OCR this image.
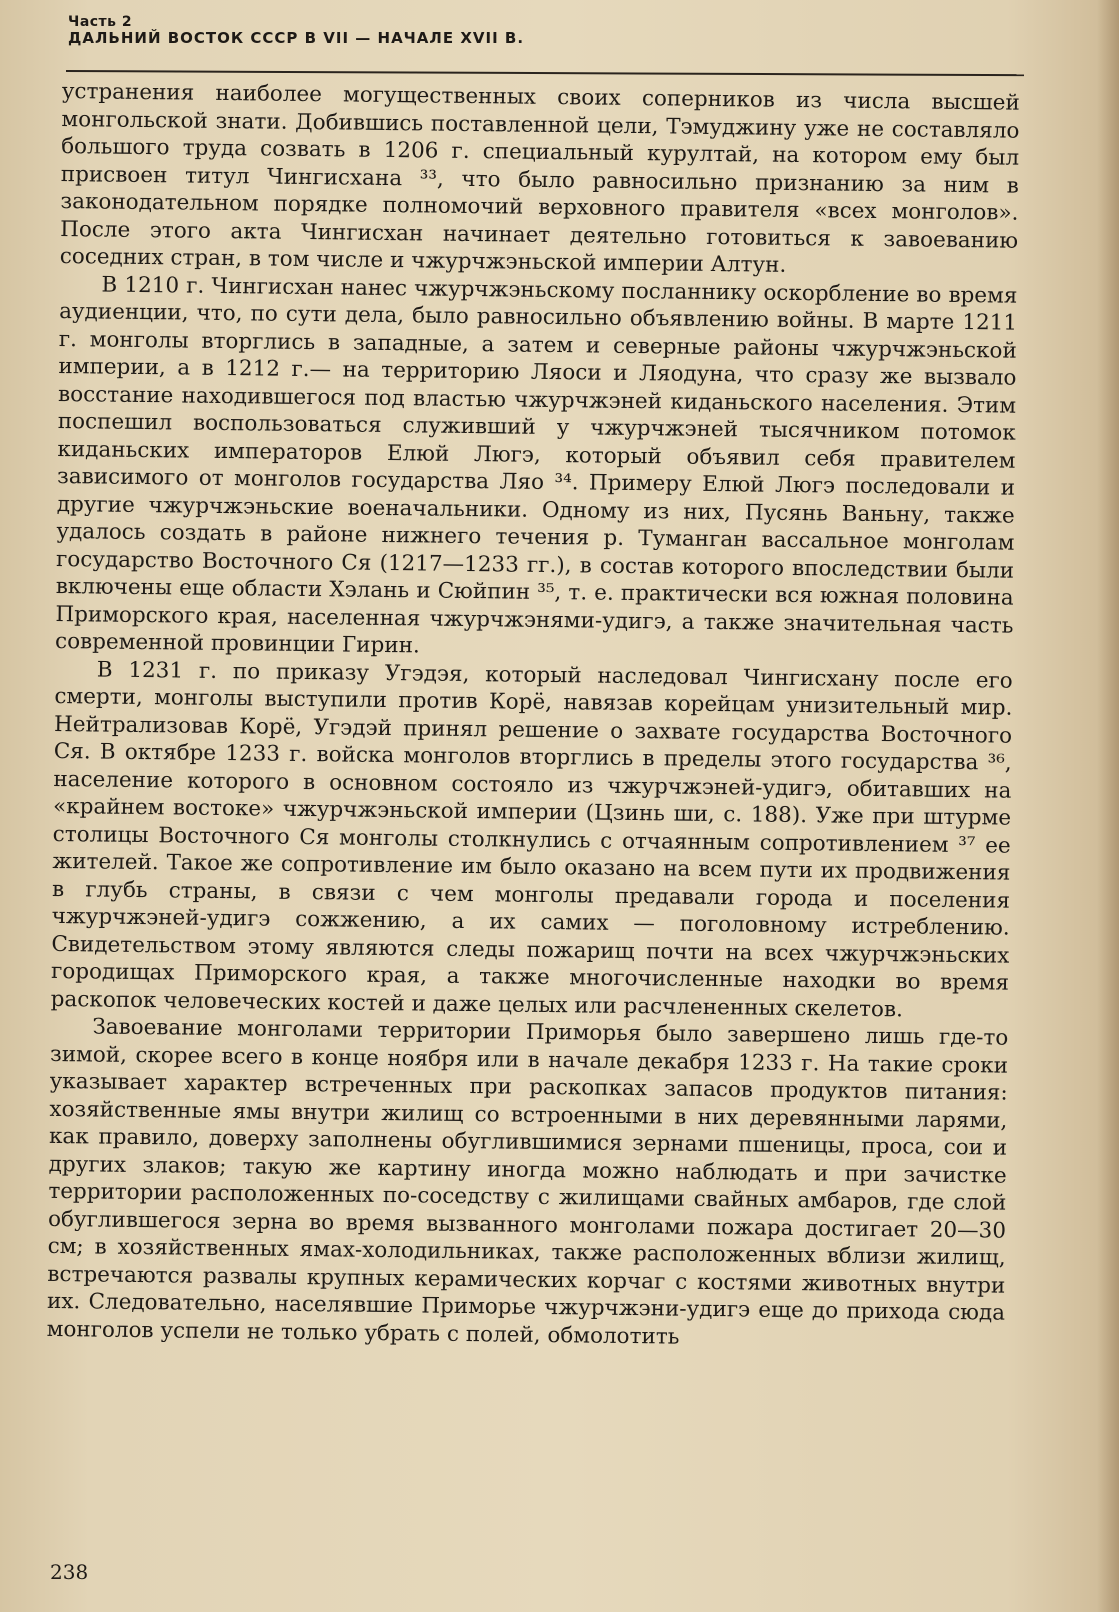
Часть 2
ДАЛЬНИЙ ВОСТОК СССР В VII — НАЧАЛЕ XVII В.

устранения наиболее могущественных своих соперников из числа высшей монгольской знати. Добившись поставленной цели, Тэмуджину уже не составляло большого труда созвать в 1206 г. специальный курултай, на котором ему был присвоен титул Чингисхана ³³, что было равносильно признанию за ним в законодательном порядке полномочий верховного правителя «всех монголов». После этого акта Чингисхан начинает деятельно готовиться к завоеванию соседних стран, в том числе и чжурчжэньской империи Алтун.

В 1210 г. Чингисхан нанес чжурчжэньскому посланнику оскорбление во время аудиенции, что, по сути дела, было равносильно объявлению войны. В марте 1211 г. монголы вторглись в западные, а затем и северные районы чжурчжэньской империи, а в 1212 г.— на территорию Ляоси и Ляодуна, что сразу же вызвало восстание находившегося под властью чжурчжэней киданьского населения. Этим поспешил воспользоваться служивший у чжурчжэней тысячником потомок киданьских императоров Елюй Люгэ, который объявил себя правителем зависимого от монголов государства Ляо ³⁴. Примеру Елюй Люгэ последовали и другие чжурчжэньские военачальники. Одному из них, Пусянь Ваньну, также удалось создать в районе нижнего течения р. Туманган вассальное монголам государство Восточного Ся (1217—1233 гг.), в состав которого впоследствии были включены еще области Хэлань и Сюйпин ³⁵, т. е. практически вся южная половина Приморского края, населенная чжурчжэнями-удигэ, а также значительная часть современной провинции Гирин.

В 1231 г. по приказу Угэдэя, который наследовал Чингисхану после его смерти, монголы выступили против Корё, навязав корейцам унизительный мир. Нейтрализовав Корё, Угэдэй принял решение о захвате государства Восточного Ся. В октябре 1233 г. войска монголов вторглись в пределы этого государства ³⁶, население которого в основном состояло из чжурчжэней-удигэ, обитавших на «крайнем востоке» чжурчжэньской империи (Цзинь ши, с. 188). Уже при штурме столицы Восточного Ся монголы столкнулись с отчаянным сопротивлением ³⁷ ее жителей. Такое же сопротивление им было оказано на всем пути их продвижения в глубь страны, в связи с чем монголы предавали города и поселения чжурчжэней-удигэ сожжению, а их самих — поголовному истреблению. Свидетельством этому являются следы пожарищ почти на всех чжурчжэньских городищах Приморского края, а также многочисленные находки во время раскопок человеческих костей и даже целых или расчлененных скелетов.

Завоевание монголами территории Приморья было завершено лишь где-то зимой, скорее всего в конце ноября или в начале декабря 1233 г. На такие сроки указывает характер встреченных при раскопках запасов продуктов питания: хозяйственные ямы внутри жилищ со встроенными в них деревянными ларями, как правило, доверху заполнены обуглившимися зернами пшеницы, проса, сои и других злаков; такую же картину иногда можно наблюдать и при зачистке территории расположенных по-соседству с жилищами свайных амбаров, где слой обуглившегося зерна во время вызванного монголами пожара достигает 20—30 см; в хозяйственных ямах-холодильниках, также расположенных вблизи жилищ, встречаются развалы крупных керамических корчаг с костями животных внутри их. Следовательно, населявшие Приморье чжурчжэни-удигэ еще до прихода сюда монголов успели не только убрать с полей, обмолотить

238
